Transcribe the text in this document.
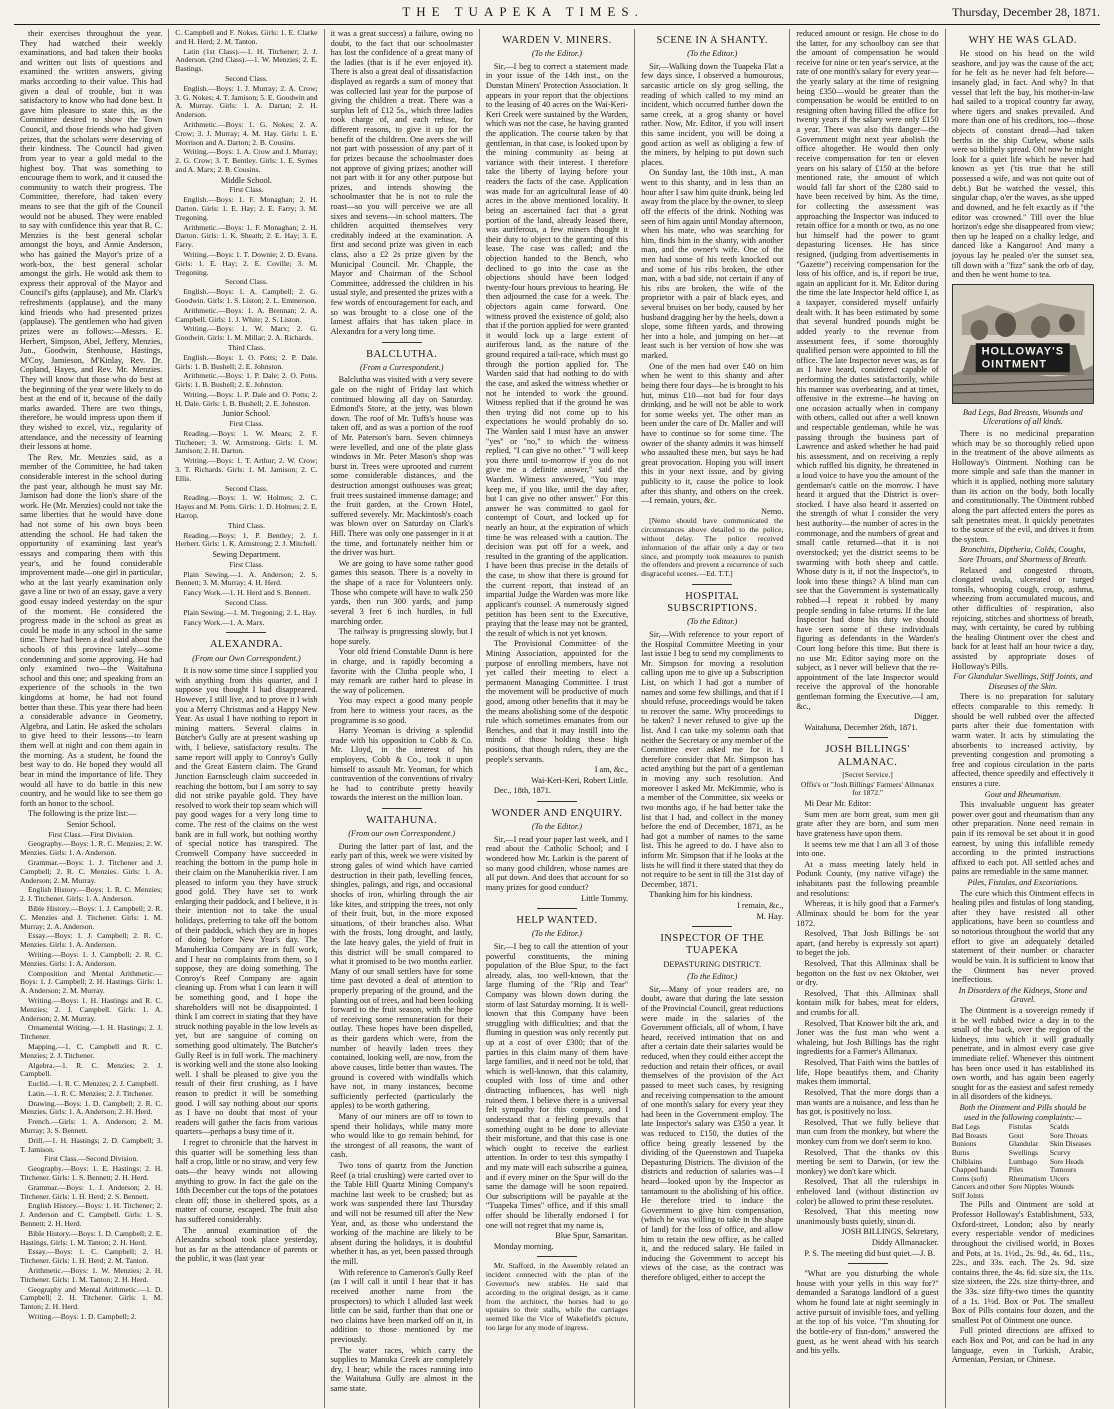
THE TUAPEKA TIMES.	Thursday, December 28, 1871.

their exercises throughout the year. They had watched their weekly examinations, and had taken their books and written out lists of questions and examined the written answers, giving marks according to their value. This had given a deal of trouble, but it was satisfactory to know who had done best. It gave him pleasure to state this, as the Committee desired to show the Town Council, and those friends who had given prizes, that the scholars were deserving of their kindness. The Council had given from year to year a gold medal to the highest boy. That was something to encourage them to work, and it caused the community to watch their progress. The Committee, therefore, had taken every means to see that the gift of the Council would not be abused. They were enabled to say with confidence this year that R. C. Menzies is the best general scholar amongst the boys, and Annie Anderson, who has gained the Mayor's prize of a work-box, the best general scholar amongst the girls. He would ask them to express their approval of the Mayor and Council's gifts (applause), and Mr. Clark's refreshments (applause), and the many kind friends who had presented prizes (applause). The gentlemen who had given prizes were as follows:—Messrs. E. Herbert, Simpson, Abel, Jeffery, Menzies, Jun., Goodwin, Stenhouse, Hastings, M'Coy, Jamieson, M'Kinlay, Rev. Dr. Copland, Hayes, and Rev. Mr. Menzies. They will know that those who do best at the beginning of the year were likely to do best at the end of it, because of the daily marks awarded. There are two things, therefore, he would impress upon them if they wished to excel, viz., regularity of attendance, and the necessity of learning their lessons at home.

The Rev. Mr. Menzies said, as a member of the Committee, he had taken considerable interest in the school during the past year, although he must say Mr. Jamison had done the lion's share of the work. He (Mr. Menzies) could not take the same liberties that he would have done had not some of his own boys been attending the school. He had taken the opportunity of examining last year's essays and comparing them with this year's, and he found considerable improvement made—one girl in particular, who at the last yearly examination only gave a line or two of an essay, gave a very good essay indeed yesterday on the spur of the moment. He considered the progress made in the school as great as could be made in any school in the same time. There had been a deal said about the schools of this province lately—some condemning and some approving. He had only examined two—the Waitahuna school and this one; and speaking from an experience of the schools in the two kingdoms at home, he had not found better than these. This year there had been a considerable advance in Geometry, Algebra, and Latin. He asked the scholars to give heed to their lessons—to learn them well at night and con them again in the morning. As a student, he found the best way to do. He hoped they would all bear in mind the importance of life. They would all have to do battle in this new country, and he would like to see them go forth an honor to the school.

The following is the prize list:—

Senior School.

First Class.—First Division.

Geography.—Boys: 1. R. C. Menzies; 2. W. Menzies. Girls: 1. A. Anderson.

Grammar.—Boys: 1. J. Titchener and J. Campbell; 2. R. C. Menzies. Girls: 1. A. Anderson; 2. M. Murray.

English History.—Boys: 1. R. C. Menzies; 2. J. Titchener. Girls: 1. A. Anderson.

Bible History.—Boys: 1. J. Campbell; 2. R. C. Menzies and J. Titchener. Girls: 1. M. Murray; 2. A. Anderson.

Essay.—Boys: 1. J. Campbell; 2. R. C. Menzies. Girls: 1. A. Anderson.

Writing.—Boys: 1. J. Campbell; 2. R. C. Menzies. Girls: 1. A. Anderson.

Composition and Mental Arithmetic.—Boys: 1. J. Campbell; 2. H. Hastings. Girls: 1. A. Anderson; 2. M. Murray.

Writing.—Boys: 1. H. Hastings and R. C. Menzies; 2. J. Campbell. Girls: 1. A. Anderson; 2. M. Murray.

Ornamental Writing.—1. H. Hastings; 2. J. Titchener.

Mapping.—1. C. Campbell and R. C. Menzies; 2. J. Titchener.

Algebra.—1. R. C. Menzies; 2. J. Campbell.

Euclid.—1. R. C. Menzies; 2. J. Campbell.

Latin.—1. R. C. Menzies; 2. J. Titchener.

Drawing.—Boys: 1. D. Campbell; 2. R. C. Menzies. Girls: 1. A. Anderson; 2. H. Herd.

French.—Girls: 1. A. Anderson; 2. M. Murray; 3. S. Bennett.

Drill.—1. H. Hastings; 2. D. Campbell; 3. T. Jamison.

First Class.—Second Division.

Geography.—Boys: 1. E. Hastings; 2. H. Titchener. Girls: 1. S. Bennett; 2. H. Herd.

Grammar.—Boys: 1. J. Anderson; 2. H. Titchener. Girls: 1. H. Herd; 2. S. Bennett.

English History.—Boys: 1. H. Titchener; 2. J. Anderson and C. Campbell. Girls: 1. S. Bennett; 2. H. Herd.

Bible History.—Boys: 1. D. Campbell; 2. E. Hastings. Girls: 1. M. Tanton; 2. H. Herd.

Essay.—Boys: 1. C. Campbell; 2. H. Titchener. Girls: 1. H. Herd; 2. M. Tanton.

Arithmetic.—Boys: 1. W. Menzies; 2. H. Titchener. Girls: 1. M. Tanton; 2. H. Herd.

Geography and Mental Arithmetic.—1. D. Campbell; 2. H. Titchener. Girls: 1. M. Tanton; 2. H. Herd.

Writing.—Boys: 1. D. Campbell; 2.

C. Campbell and F. Nokes. Girls: 1. E. Clarke and H. Herd; 2. M. Tanton.

Latin (1st Class).—1. H. Titchener; 2. J. Anderson. (2nd Class).—1. W. Menzies; 2. E. Bastings.

Second Class.

English.—Boys: 1. J. Murray; 2. A. Crow; 3. G. Nokes; 4. T. Jamison; 5. E. Goodwin and A. Murray. Girls: 1. A. Dartan; 2. H. Anderson.

Arithmetic.—Boys: 1. G. Nokes; 2. A. Crow; 3. J. Murray; 4. M. Hay. Girls: 1. E. Morrison and A. Darton; 2. B. Cousins.

Writing.—Boys: 1. A. Crow and J. Murray; 2. G. Crow; 3. T. Bentley. Girls: 1. E. Symes and A. Marx; 2. B. Cousins.

Middle School.

First Class.

English.—Boys: 1. F. Monaghan; 2. H. Darton. Girls: 1. E. Hay; 2. E. Farry; 3. M. Tregoning.

Arithmetic.—Boys: 1. F. Monaghan; 2. H. Darton. Girls: 1. K. Sheath; 2. E. Hay; 3. E. Farry.

Writing.—Boys: 1. T. Downie; 2. D. Evans. Girls: 1. E. Hay; 2. E. Coville; 3. M. Tregoning.

Second Class.

English.—Boys: 1. A. Campbell; 2. G. Goodwin. Girls: 1. S. Liston; 2. L. Emmerson.

Arithmetic.—Boys: 1. A. Brennan; 2. A. Campbell. Girls: 1. J. White; 2. S. Liston.

Writing.—Boys: 1. W. Marx; 2. G. Goodwin. Girls: 1. M. Millar; 2. A. Richards.

Third Class.

English.—Boys: 1. O. Potts; 2. P. Dale. Girls: 1. B. Bushell; 2. E. Johnston.

Arithmetic.—Boys: 1. P. Dale; 2. O. Potts. Girls: 1. B. Bushell; 2. E. Johnston.

Writing.—Boys: 1. P. Dale and O. Potts; 2. H. Dale. Girls: 1. B. Bushell; 2. E. Johnston.

Junior School.

First Class.

Reading.—Boys: 1. W. Mears; 2. F. Titchener; 3. W. Armstrong. Girls: 1. M. Jamison; 2. H. Darton.

Writing.—Boys: 1. T. Arthur; 2. W. Crow; 3. T. Richards. Girls: 1. M. Jamison; 2. C. Ellis.

Second Class.

Reading.—Boys: 1. W. Holmes; 2. C. Hayes and M. Potts. Girls: 1. D. Holmes; 2. E. Harrop.

Third Class.

Reading.—Boys: 1. P. Bentley; 2. J. Herbert. Girls: 1. K. Armstrong; 2. J. Mitchell.

Sewing Department.

First Class.

Plain Sewing.—1. A. Anderson; 2. S. Bennett; 3. M. Murray; 4. H. Herd.

Fancy Work.—1. H. Herd and S. Bennett.

Second Class.

Plain Sewing.—1. M. Tregoning; 2. L. Hay.

Fancy Work.—1. A. Marx.

ALEXANDRA.
(From our Own Correspondent.)

It is now some time since I supplied you with anything from this quarter, and I suppose you thought I had disappeared. However, I still live, and to prove it I wish you a Merry Christmas and a Happy New Year. As usual I have nothing to report in mining matters. Several claims in Butcher's Gully are at present washing up with, I believe, satisfactory results. The same report will apply to Conroy's Gully and the Great Eastern claim. The Grand Junction Earnscleugh claim succeeded in reaching the bottom, but I am sorry to say did not strike payable gold. They have resolved to work their top seam which will pay good wages for a very long time to come. The rest of the claims on the west bank are in full work, but nothing worthy of special notice has transpired. The Cromwell Company have succeeded in reaching the bottom in the pump hole in their claim on the Manuherikia river. I am pleased to inform you they have struck good gold. They have set to work enlarging their paddock, and I believe, it is their intention not to take the usual holidays, preferring to take off the bottom of their paddock, which they are in hopes of doing before New Year's day. The Manuherikia Company are in full work, and I hear no complaints from them, so I suppose, they are doing something. The Conroy's Reef Company are again cleaning up. From what I can learn it will be something good, and I hope the shareholders will not be disappointed. I think I am correct in stating that they have struck nothing payable in the low levels as yet, but are sanguine of coming on something good ultimately. The Butcher's Gully Reef is in full work. The machinery is working well and the stone also looking well. I shall be pleased to give you the result of their first crushing, as I have reason to predict it will be something good. I will say nothing about our sports as I have no doubt that most of your readers will gather the facts from various quarters—perhaps a busy time of it.

I regret to chronicle that the harvest in this quarter will be something less than half a crop, little or no straw, and very few oats—the heavy winds not allowing anything to grow. In fact the gale on the 18th December cut the tops of the potatoes clean off; those in sheltered spots, as a matter of course, escaped. The fruit also has suffered considerably.

The annual examination of the Alexandra school took place yesterday, but as far as the attendance of parents or the public, it was (last year

it was a great success) a failure, owing no doubt, to the fact that our schoolmaster has lost the confidence of a great many of the ladies (that is if he ever enjoyed it). There is also a great deal of dissatisfaction displayed as regards a sum of money that was collected last year for the purpose of giving the children a treat. There was a surplus left of £12 5s., which three ladies took charge of, and each refuse, for different reasons, to give it up for the benefit of the children. One avers she will not part with possession of any part of it for prizes because the schoolmaster does not approve of giving prizes; another will not part with it for any other purpose but prizes, and intends showing the schoolmaster that he is not to rule the roast—so you will perceive we are all sixes and sevens—in school matters. The children acquitted themselves very creditably indeed at the examination. A first and second prize was given in each class, also a £2 2s prize given by the Municipal Council. Mr. Chapple, the Mayor and Chairman of the School Committee, addressed the children in his usual style, and presented the prizes with a few words of encouragement for each, and so was brought to a close one of the lamest affairs that has taken place in Alexandra for a very long time.

BALCLUTHA.
(From a Correspondent.)

Balclutha was visited with a very severe gale on the night of Friday last which continued blowing all day on Saturday. Edmond's Store, at the jetty, was blown down. The roof of Mr. Tuffs's house was taken off, and as was a portion of the roof of Mr. Paterson's barn. Seven chimneys were levelled, and one of the plate glass windows in Mr. Peter Mason's shop was burst in. Trees were uprooted and current some considerable distances, and the destruction amongst outhouses was great; fruit trees sustained immense damage; and the fruit garden, at the Crown Hotel, suffered severely. Mr. Mackintosh's coach was blown over on Saturday on Clark's Hill. There was only one passenger in it at the time, and fortunately neither him or the driver was hurt.

We are going to have some rather good games this season. There is a novelty in the shape of a race for Volunteers only. Those who compete will have to walk 250 yards, then run 300 yards, and jump several 3 feet 6 inch hurdles, in full marching order.

The railway is progressing slowly, but I hope surely.

Your old friend Constable Dunn is here in charge, and is rapidly becoming a favorite with the Clutha people who, I may remark are rather hard to please in the way of policemen.

You may expect a good many people from here to witness your races, as the programme is so good.

Harry Yeoman is driving a splendid trade with his opposition to Cobb & Co. Mr. Lloyd, in the interest of his employers, Cobb & Co., took it upon himself to assault Mr. Yeoman, for which contravention of the conventions of rivalry he had to contribute pretty heavily towards the interest on the million loan.

WAITAHUNA.
(From our own Correspondent.)

During the latter part of last, and the early part of this, week we were visited by strong gales of wind which have carried destruction in their path, levelling fences, shingles, palings, and rigs, and occasional shocks of iron, whirling through the air like kites, and stripping the trees, not only of their fruit, but, in the more exposed situations, of their branches also. What with the frosts, long drought, and lastly, the late heavy gales, the yield of fruit in this district will be small compared to what it promised to be two months earlier. Many of our small settlers have for some time past devoted a deal of attention to properly preparing of the ground, and the planting out of trees, and had been looking forward to the fruit season, with the hope of receiving some remuneration for their outlay. These hopes have been dispelled, as their gardens which were, from the number of heavily laden trees they contained, looking well, are now, from the above causes, little better than wastes. The ground is covered with windfalls which have not, in many instances, become sufficiently perfected (particularly the apples) to be worth gathering.

Many of our miners are off to town to spend their holidays, while many more who would like to go remain behind, for the strongest of all reasons, the want of cash.

Two tons of quartz from the Junction Reef (a trial crushing) were carted over to the Table Hill Quartz Mining Company's machine last week to be crushed; but as work was suspended there last Thursday and will not be resumed till after the New Year, and, as those who understand the working of the machine are likely to be absent during the holidays, it is doubtful whether it has, as yet, been passed through the mill.

With reference to Cameron's Gully Reef (as I will call it until I hear that it has received another name from the prospectors) to which I alluded last week little can be said, further than that one or two claims have been marked off on it, in addition to those mentioned by me previously.

The water races, which carry the supplies to Manuka Creek are completely dry, I hear; while the races running into the Waitahuna Gully are almost in the same state.

WARDEN V. MINERS.
(To the Editor.)

Sir,—I beg to correct a statement made in your issue of the 14th inst., on the Dunstan Miners' Protection Association. It appears in your report that the objections to the leasing of 40 acres on the Wai-Keri-Keri Creek were sustained by the Warden, which was not the case, he having granted the application. The course taken by that gentleman, in that case, is looked upon by the mining community as being at variance with their interest. I therefore take the liberty of laying before your readers the facts of the case. Application was made for an agricultural lease of 40 acres in the above mentioned locality. It being an ascertained fact that a great portion of the land, already leased there, was auriferous, a few miners thought it their duty to object to the granting of this lease. The case was called; and the objection handed to the Bench, who declined to go into the case as the objections should have been lodged twenty-four hours previous to hearing. He then adjourned the case for a week. The objectors again came forward. One witness proved the existence of gold; also that if the portion applied for were granted it would lock up a large extent of auriferous land, as the nature of the ground required a tail-race, which must go through the portion applied for. The Warden said that had nothing to do with the case, and asked the witness whether or not he intended to work the ground. Witness replied that if the ground he was then trying did not come up to his expectations he would probably do so. The Warden said I must have an answer "yes" or "no," to which the witness replied, "I can give no other." "I will keep you there until to-morrow if you do not give me a definite answer," said the Warden. Witness answered, "You may keep me, if you like, until the day after, but I can give no other answer." For this answer he was committed to gaol for contempt of Court, and locked up for nearly an hour, at the expiration of which time he was released with a caution. The decision was put off for a week, and resulted in the granting of the application. I have been thus precise in the details of the case, to show that there is ground for the current report, that instead of an impartial Judge the Warden was more like applicant's counsel. A numerously signed petition has been sent to the Executive, praying that the lease may not be granted, the result of which is not yet known.

The Provisional Committee of the Mining Association, appointed for the purpose of enrolling members, have not yet called their meeting to elect a permanent Managing Committee. I trust the movement will be productive of much good, among other benefits that it may be the means abolishing some of the despotic rule which sometimes emanates from our Benches, and that it may instill into the minds of those holding these high positions, that though rulers, they are the people's servants.

I am, &c.,

Wai-Keri-Keri, Robert Little.

Dec., 18th, 1871.

WONDER AND ENQUIRY.
(To the Editor.)

Sir,—I read your paper last week, and I read about the Catholic School; and I wondered how Mr. Larkin is the parent of so many good children, whose names are all put down. And does that account for so many prizes for good conduct?

Little Tommy.

HELP WANTED.
(To the Editor.)

Sir,—I beg to call the attention of your powerful constituents, the mining population of the Blue Spur, to the fact already, alas, too well-known, that the large fluming of the "Rip and Tear" Company was blown down during the storm of last Saturday morning. It is well-known that this Company have been struggling with difficulties; and that the fluming in question was only recently put up at a cost of over £300; that of the parties in this claim many of them have large families, and it need not be told, that which is well-known, that this calamity, coupled with loss of time and other distracting influences, has well nigh ruined them. I believe there is a universal felt sympathy for this company, and I understand that a feeling prevails that something ought to be done to alleviate their misfortune, and that this case is one which ought to receive the earliest attention. In order to test this sympathy I and my mate will each subscribe a guinea, and if every miner on the Spur will do the same the damage will be soon repaired. Our subscriptions will be payable at the "Tuapeka Times" office, and if this small offer should be liberally endorsed I for one will not regret that my name is,

Blue Spur, Samaritan.

Monday morning.

Mr. Stafford, in the Assembly related an incident connected with the plan of the Governor's new stables. He said that according to the original design, as it came from the architect, the horses had to go upstairs to their stalls, while the carriages seemed like the Vice of Wakefield's picture, too large for any mode of ingress.

SCENE IN A SHANTY.
(To the Editor.)

Sir,—Walking down the Tuapeka Flat a few days since, I observed a humourous, sarcastic article on sly grog selling, the reading of which called to my mind an incident, which occurred further down the same creek, at a grog shanty or hovel rather. Now, Mr. Editor, if you will insert this same incident, you will be doing a good action as well as obliging a few of the miners, by helping to put down such places.

On Sunday last, the 10th inst., A man went to this shanty, and in less than an hour after I saw him quite drunk, being led away from the place by the owner, to sleep off the effects of the drink. Nothing was seen of him again until Monday afternoon, when his mate, who was searching for him, finds him in the shanty, with another man, and the owner's wife. One of the men had some of his teeth knocked out and some of his ribs broken, the other man, with a bad side, not certain if any of his ribs are broken, the wife of the proprietor with a pair of black eyes, and several bruises on her body, caused by her husband dragging her by the heels, down a slope, some fifteen yards, and throwing her into a hole, and jumping on her—at least such is her version of how she was marked.

One of the men had over £40 on him when he went to this shanty and after being there four days—he is brought to his hut, minus £10—not bad for four days drinking, and he will not be able to work for some weeks yet. The other man as been under the care of Dr. Maller and will have to continue so for some time. The owner of the shanty admits it was himself who assaulted these men, but says he had great provocation. Hoping you will insert this in your next issue, and by giving publicity to it, cause the police to look after this shanty, and others on the creek.—I remain, yours, &c.

Nemo.

[Nemo should have communicated the circumstances above detailed to the police, without delay. The police received information of the affair only a day or two since, and promptly took measures to punish the offenders and prevent a recurrence of such disgraceful scenes.—Ed. T.T.]

HOSPITAL SUBSCRIPTIONS.
(To the Editor.)

Sir,—With reference to your report of the Hospital Committee Meeting in your last issue I beg to send my compliments to Mr. Simpson for moving a resolution calling upon me to give up a Subscription List, on which I had got a number of names and some few shillings, and that if I should refuse, proceedings would be taken to recover the same. Why proceedings to be taken? I never refused to give up the list. And I can take my solemn oath that neither the Secretary or any member of the Committee ever asked me for it. I therefore consider that Mr. Simpson has acted anything but the part of a gentleman in moving any such resolution. And moreover I asked Mr. McKimmie, who is a member of the Committee, six weeks or two months ago, if he had better take the list that I had, and collect in the money before the end of December, 1871, as he had got a number of names to the same list. This he agreed to do. I have also to inform Mr. Simpson that if he looks at the lists he will find it there stated that they do not require to be sent in till the 31st day of December, 1871.

Thanking him for his kindness.

I remain, &c.,

M. Hay.

INSPECTOR OF THE TUAPEKA
DEPASTURING DISTRICT.
(To the Editor.)

Sir,—Many of your readers are, no doubt, aware that during the late session of the Provincial Council, great reductions were made in the salaries of the Government officials, all of whom, I have heard, received intimation that on and after a certain date their salaries would be reduced, when they could either accept the reduction and retain their offices, or avail themselves of the provision of the Act passed to meet such cases, by resigning and receiving compensation to the amount of one month's salary for every year they had been in the Government employ. The late Inspector's salary was £350 a year. It was reduced to £150, the duties of the office being greatly lessened by the dividing of the Queenstown and Tuapeka Depasturing Districts. The division of the districts and reduction of salaries was—I heard—looked upon by the Inspector as tantamount to the abolishing of his office. He therefore tried to induce the Government to give him compensation, (which he was willing to take in the shape of land) for the loss of office, and allow him to retain the new office, as he called it, and the reduced salary. He failed in inducing the Government to accept his views of the case, as the contract was therefore obliged, either to accept the

reduced amount or resign. He chose to do the latter, for any schoolboy can see that the amount of compensation he would receive for nine or ten year's service, at the rate of one month's salary for every year—the yearly salary at the time of resigning being £350—would be greater than the compensation he would be entitled to on resigning often having filled the office for twenty years if the salary were only £150 a year. There was also this danger—the Government might next year abolish the office altogether. He would then only receive compensation for ten or eleven years on his salary of £150 at the before mentioned rate, the amount of which would fall far short of the £280 said to have been received by him. As the time, for collecting the assessment was approaching the Inspector was induced to retain office for a month or two, as no one but himself had the power to grant depasturing licenses. He has since resigned, (judging from advertisements in "Gazette") receiving compensation for the loss of his office, and is, if report be true, again an applicant for it. Mr. Editor during the time the late Inspector held office I, as a taxpayer, considered myself unfairly dealt with. It has been estimated by some that several hundred pounds might be added yearly to the revenue from assessment fees, if some thoroughly qualified person were appointed to fill the office. The late Inspector never was, as far as I have heard, considered capable of performing the duties satisfactorily, while his manner was overbearing, and at times, offensive in the extreme—he having on one occasion actually when in company with others, called out after a well known and respectable gentleman, while he was passing through the business part of Lawrence and asked whether he had paid his assessment, and on receiving a reply which ruffled his dignity, he threatened in a loud voice to have you the amount of the gentleman's cattle on the morrow. I have heard it argued that the District is over-stocked. I have also heard it asserted on the strength of what I consider the very best authority—the number of acres in the commonage, and the numbers of great and small cattle returned—that it is not overstocked; yet the district seems to be swarming with both sheep and cattle. Whose duty is it, if not the Inspector's, to look into these things? A blind man can see that the Government is systematically robbed—I repeat it robbed by many people sending in false returns. If the late Inspector had done his duty we should have seen some of these individuals figuring as defendants in the Warden's Court long before this time. But there is no use Mr. Editor saying more on the subject, as I never will believe that the re-appointment of the late Inspector would receive the approval of the honorable gentleman forming the Executive.—I am, &c.,

Digger.

Waitahuna, December 26th, 1871.

JOSH BILLINGS' ALMANAC.

[Secret Service.]

Offis's or "Josh Billings' Farmers' Allmanax for 1872."

Mi Dear Mr. Editor:

Sum men are born great, sum men git grate after they are born, and sum men have grateness have upon them.

It seems tew me that I am all 3 of those into one.

At a mass meeting lately held in Podunk County, (my native vil'age) the inhabitants past the following preamble and resolutions:

Whereas, it is hily good that a Farmer's Allminax should be born for the year 1872.

Resolved, That Josh Billings be sot apart, (and hereby is expressly sot apart) to beget the job.

Resolved, That this Allminax shall be begotton on the fust ov nex Oktober, wet or dry.

Resolved, That this Allminax shall kontain milk for babes, meat for elders, and crumbs for all.

Resolved, That Knower bilt the ark, and Joner was the fust man who went a whaleing, but Josh Billings has the right ingredients for a Farmer's Allmanax.

Resolved, That Faith wins the battles of life, Hope beautifys them, and Charity makes them immortal.

Resolved, That the more dorgs than a man wants are a nuisance, and less than he has got, is positively no loss.

Resolved, That we fully believe that man cum from the monkey, but where the monkey cum from we don't seem to kno.

Resolved, That the thanks ov this meeting be sent to Darwin, (or tew the monkey) we don't kare which.

Resolved, That all the rulerships in enbeloved land (without distinction ov color) be allowed to print these resolutes.

Resolved, That this meeting now unanimously busts quietly, sinun di.

JOSH BILLINGS, Sekretary,

Diddy Allmanacker.

P. S. The meeting did bust quiet.—J. B.

"What are you disturbing the whole house with your yells in this way for?" demanded a Saratoga landlord of a guest whom he found late at night seemingly in active pursuit of invisible foes, and yelling at the top of his voice. "I'm shouting for the bottle-ery of fisn-dom," answered the guest, as he went ahead with his search and his yells.

WHY HE WAS GLAD.

He stood on his head on the wild seashore, and joy was the cause of the act; for he felt as he never had felt before—insanely glad, in fact. And why? In that vessel that left the bay, his mother-in-law had sailed to a tropical country far away, where tigers and snakes prevailed. And more than one of his creditors, too—those objects of constant dread—had taken berths in the ship Curlew, whose sails were so blithely spread. Oh! now he might look for a quiet life which he never had known as yet ('tis true that he still possessed a wife, and was not quite out of debt.) But he watched the vessel, this singular chap, o'er the waves, as she upped and downed, and he felt exactly as if "the editor was crowned." Till over the blue horizon's edge she disappeared from view; then up he leaped on a chalky ledge, and danced like a Kangaroo! And many a joyous lay he pealed o'er the sunset sea, till down with a "fizz" sank the orb of day, and then he went home to tea.

HOLLOWAY'S OINTMENT
Bad Legs, Bad Breasts, Wounds and Ulcerations of all kinds.

There is no medicinal preparation which may be so thoroughly relied upon in the treatment of the above ailments as Holloway's Ointment. Nothing can be more simple and safe than the manner in which it is applied, nothing more salutary than its action on the body, both locally and constitutionally. The Ointment rubbed along the part affected enters the pores as salt penetrates meat. It quickly penetrates to the source of the evil, and drives it from the system.

Bronchitis, Diptheria, Colds, Coughs, Sore Throats, and Shortness of Breath.

Relaxed and congested throats, clongated uvula, ulcerated or turged tonsils, whooping cough, croup, asthma, wheezing from accumulated mucous, and other difficulties of respiration, also rejoicing, stitches and shortness of breath, may, with certainty, be cured by rubbing the healing Ointment over the chest and back for at least half an hour twice a day, assisted by appropriate doses of Holloway's Pills.

For Glandular Swellings, Stiff Joints, and Diseases of the Skin.

There is no preparation for salutary effects comparable to this remedy. It should be well rubbed over the affected parts after their due fomentation with warm water. It acts by stimulating the absorbents to increased activity, by preventing congestion and promoting a free and copious circulation in the parts affected, thence speedily and effectively it ensures a cure.

Gout and Rheumatism.

This invaluable unguent has greater power over gout and rheumatism than any other preparation. None need remain in pain if its removal be set about it in good earnest, by using this infallible remedy according to the printed instructions affixed to each pot. All settled aches and pains are remediable in the same manner.

Piles, Fistulas, and Excoriations.

The cure which this Ointment effects in healing piles and fistulas of long standing, after they have resisted all other applications, have been so countless and so notorious throughout the world that any effort to give an adequately detailed statement of their number or character would be vain. It is sufficient to know that the Ointment has never proved ineffectious.

In Disorders of the Kidneys, Stone and Gravel.

The Ointment is a sovereign remedy if it be well rubbed twice a day in to the small of the back, over the region of the kidneys, into which it will gradually penetrate, and in almost every case give immediate relief. Whenever this ointment has been once used it has established its own worth, and has again been eagerly sought for as the easiest and safest remedy in all disorders of the kidneys.

Both the Ointment and Pills should be used in the following complaints:—

Bad Legs	Fistulas	Scalds
Bad Breasts	Gout	Sore Throats
Bunions	Glandular	Skin Diseases
Burns	Swellings	Scurvy
Chilblains	Lumbago	Sore Heads
Chapped hands	Piles	Tumours
Corns (soft)	Rheumatism	Ulcers
Cancers and other	Sore Nipples	Wounds
Stiff Joints		

The Pills and Ointment are sold at Professor Holloway's Establishment, 533, Oxford-street, London; also by nearly every respectable vendor of medicines throughout the civilised world, in Boxes and Pots, at 1s. 1½d., 2s. 9d., 4s. 6d., 11s., 22s., and 33s. each. The 2s. 9d. size contains three, the 4s. 6d. size six, the 11s. size sixteen, the 22s. size thirty-three, and the 33s. size fifty-two times the quantity of a 1s. 1½d. Box or Pot. The smallest Box of Pills contains four dozen, and the smallest Pot of Ointment one ounce.

Full printed directions are affixed to each Box and Pot, and can be had in any language, even in Turkish, Arabic, Armenian, Persian, or Chinese.
